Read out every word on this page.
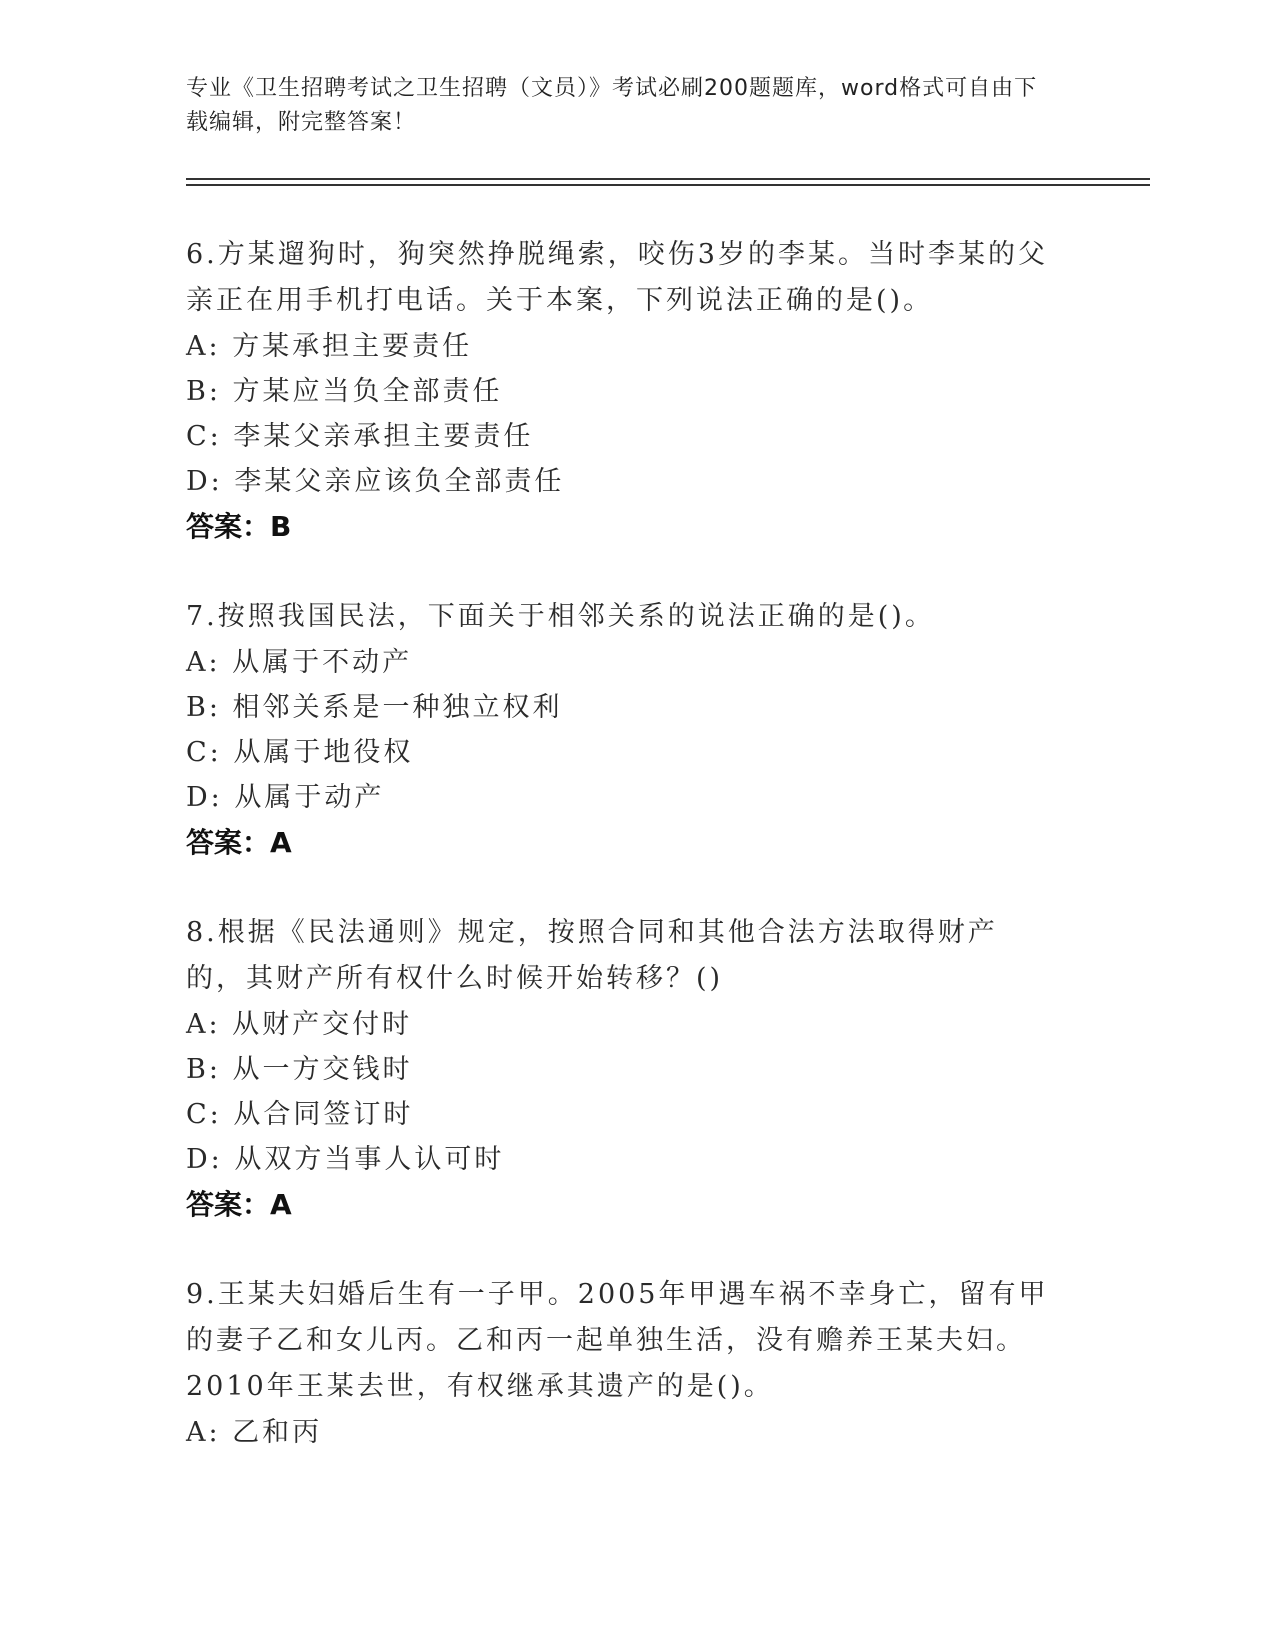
专业《卫生招聘考试之卫生招聘（文员）》考试必刷200题题库，word格式可自由下载编辑，附完整答案！

6.方某遛狗时，狗突然挣脱绳索，咬伤3岁的李某。当时李某的父亲正在用手机打电话。关于本案，下列说法正确的是()。

A: 方某承担主要责任

B: 方某应当负全部责任

C: 李某父亲承担主要责任

D: 李某父亲应该负全部责任

答案：B

7.按照我国民法，下面关于相邻关系的说法正确的是()。

A: 从属于不动产

B: 相邻关系是一种独立权利

C: 从属于地役权

D: 从属于动产

答案：A

8.根据《民法通则》规定，按照合同和其他合法方法取得财产的，其财产所有权什么时候开始转移？()

A: 从财产交付时

B: 从一方交钱时

C: 从合同签订时

D: 从双方当事人认可时

答案：A

9.王某夫妇婚后生有一子甲。2005年甲遇车祸不幸身亡，留有甲的妻子乙和女儿丙。乙和丙一起单独生活，没有赡养王某夫妇。2010年王某去世，有权继承其遗产的是()。

A: 乙和丙
